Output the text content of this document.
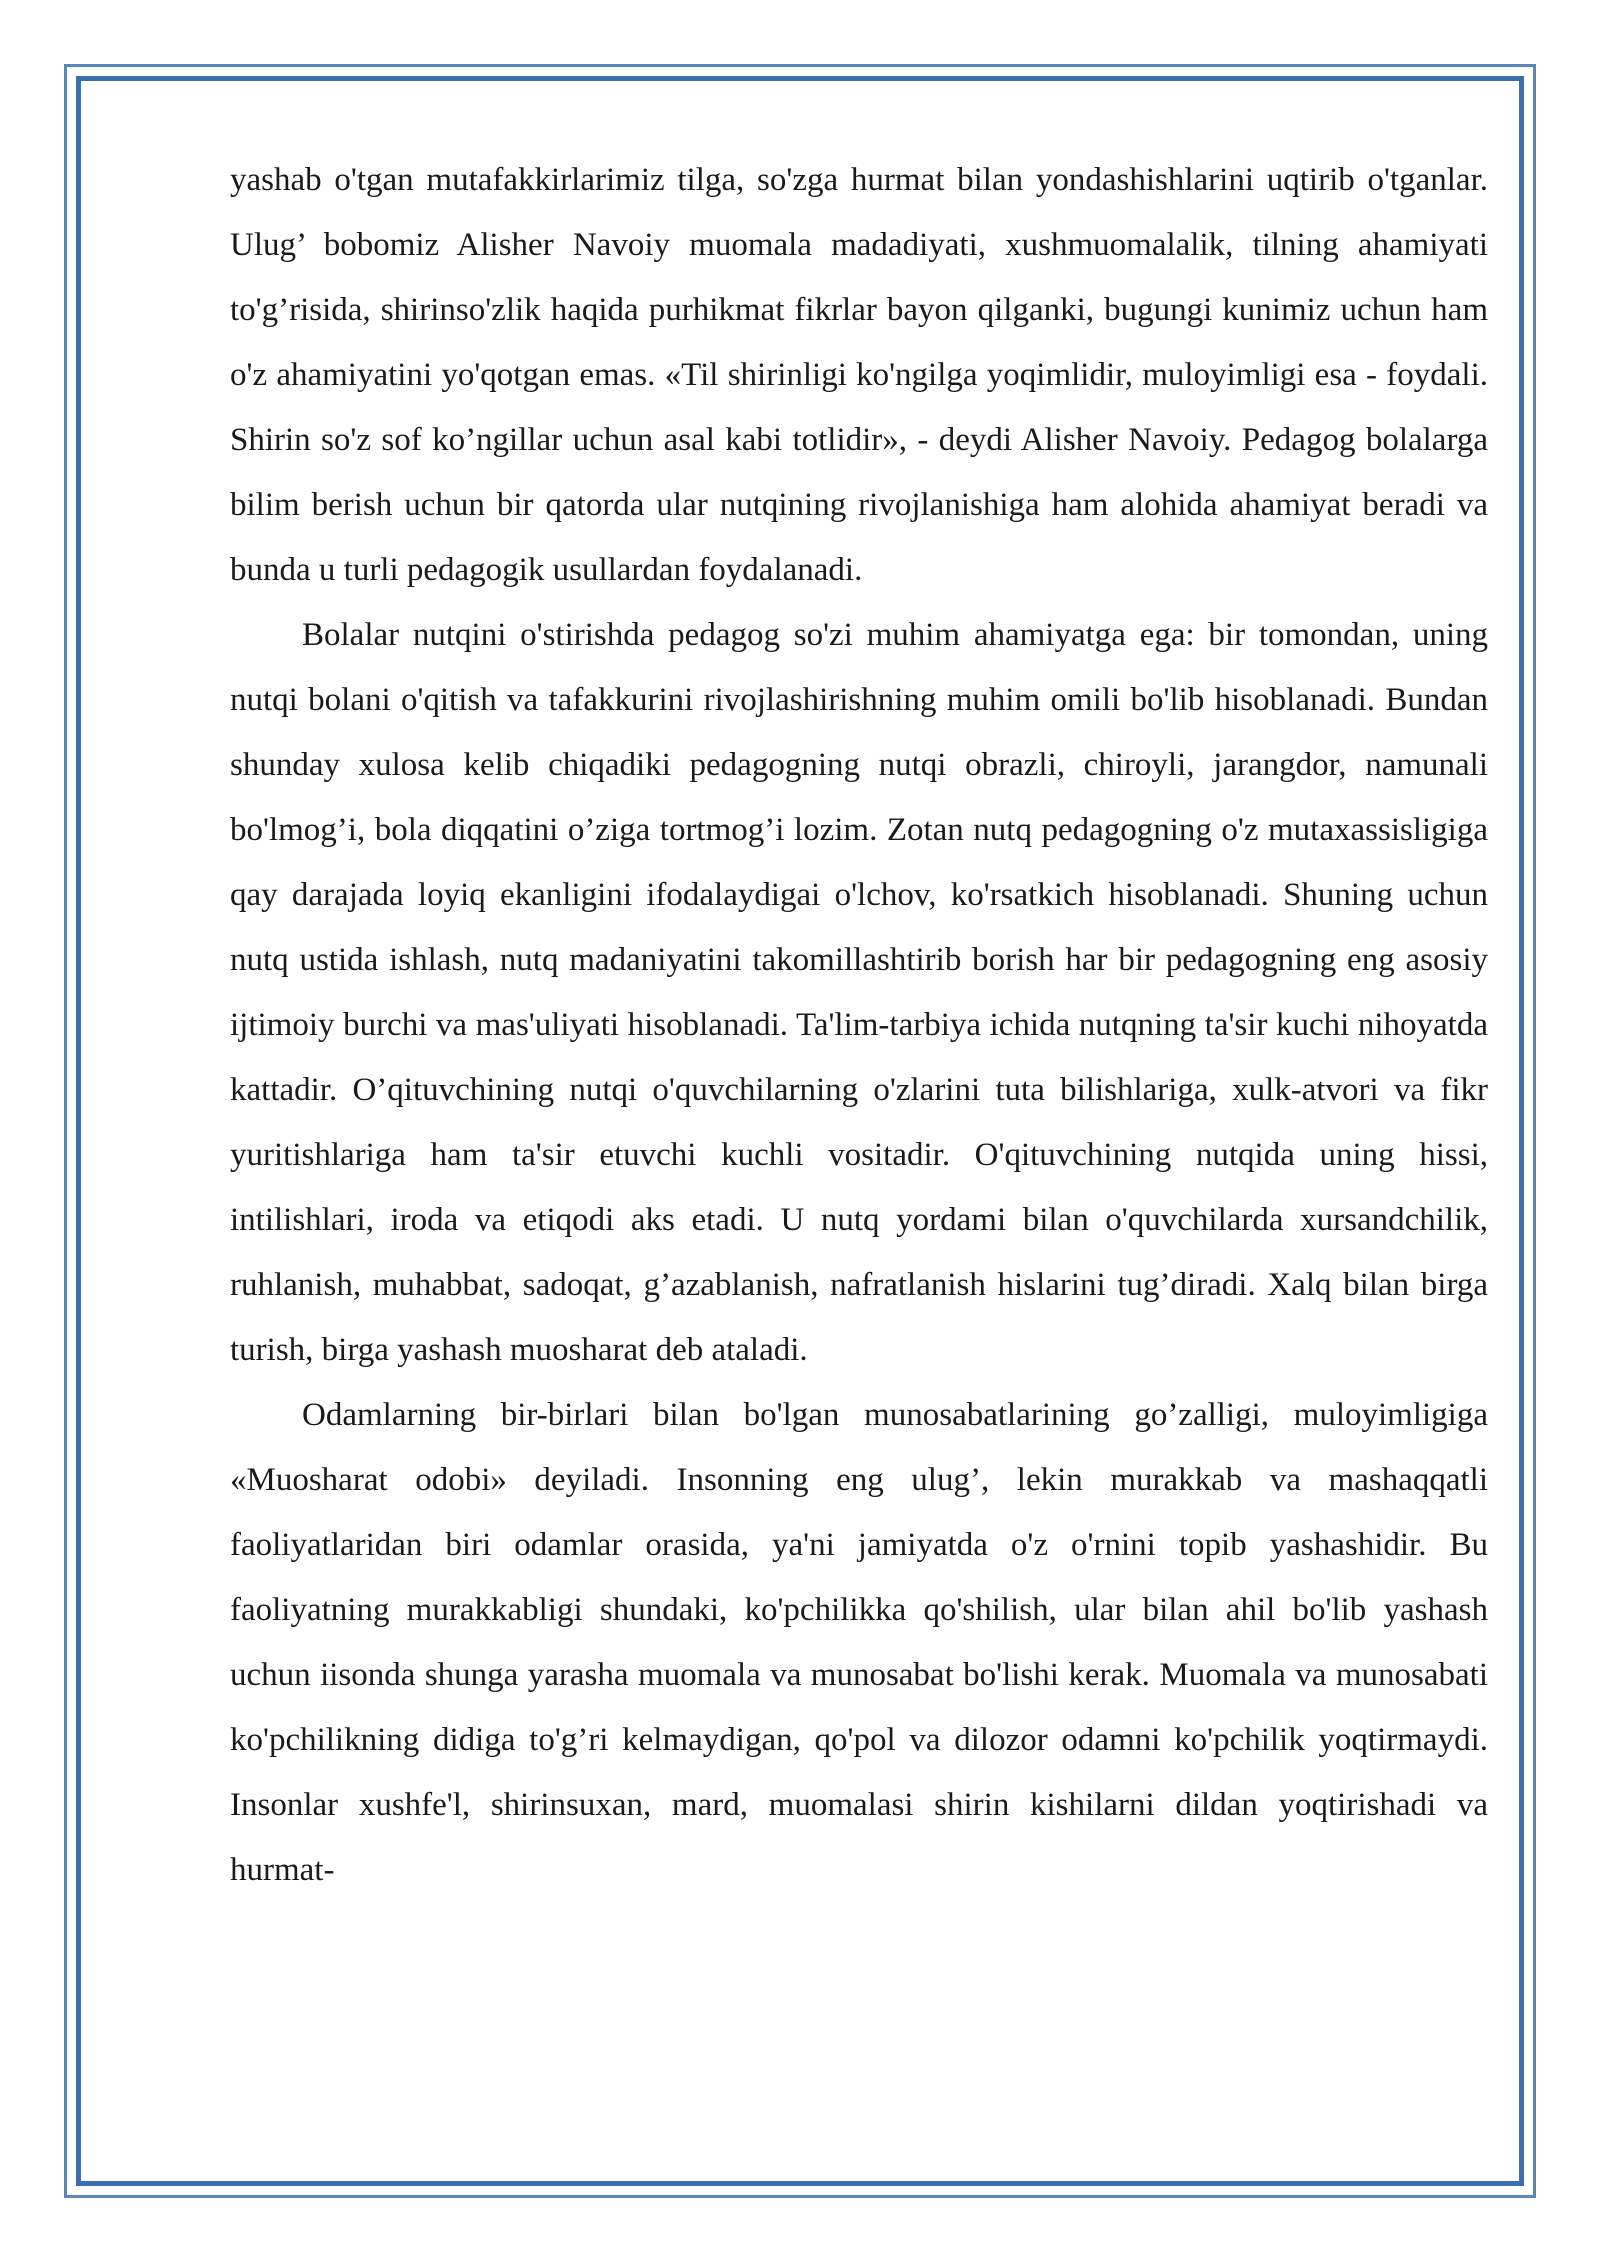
yashab o'tgan mutafakkirlarimiz tilga, so'zga hurmat bilan yondashishlarini uqtirib o'tganlar. Ulug’ bobomiz Alisher Navoiy muomala madadiyati, xushmuomalalik, tilning ahamiyati to'g’risida, shirinso'zlik haqida purhikmat fikrlar bayon qilganki, bugungi kunimiz uchun ham o'z ahamiyatini yo'qotgan emas. «Til shirinligi ko'ngilga yoqimlidir, muloyimligi esa - foydali. Shirin so'z sof ko’ngillar uchun asal kabi totlidir», - deydi Alisher Navoiy. Pedagog bolalarga bilim berish uchun bir qatorda ular nutqining rivojlanishiga ham alohida ahamiyat beradi va bunda u turli pedagogik usullardan foydalanadi.

Bolalar nutqini o'stirishda pedagog so'zi muhim ahamiyatga ega: bir tomondan, uning nutqi bolani o'qitish va tafakkurini rivojlashirishning muhim omili bo'lib hisoblanadi. Bundan shunday xulosa kelib chiqadiki pedagogning nutqi obrazli, chiroyli, jarangdor, namunali bo'lmog’i, bola diqqatini o’ziga tortmog’i lozim. Zotan nutq pedagogning o'z mutaxassisligiga qay darajada loyiq ekanligini ifodalaydigai o'lchov, ko'rsatkich hisoblanadi. Shuning uchun nutq ustida ishlash, nutq madaniyatini takomillashtirib borish har bir pedagogning eng asosiy ijtimoiy burchi va mas'uliyati hisoblanadi. Ta'lim-tarbiya ichida nutqning ta'sir kuchi nihoyatda kattadir. O’qituvchining nutqi o'quvchilarning o'zlarini tuta bilishlariga, xulk-atvori va fikr yuritishlariga ham ta'sir etuvchi kuchli vositadir. O'qituvchining nutqida uning hissi, intilishlari, iroda va etiqodi aks etadi. U nutq yordami bilan o'quvchilarda xursandchilik, ruhlanish, muhabbat, sadoqat, g’azablanish, nafratlanish hislarini tug’diradi. Xalq bilan birga turish, birga yashash muosharat deb ataladi.

Odamlarning bir-birlari bilan bo'lgan munosabatlarining go’zalligi, muloyimligiga «Muosharat odobi» deyiladi. Insonning eng ulug’, lekin murakkab va mashaqqatli faoliyatlaridan biri odamlar orasida, ya'ni jamiyatda o'z o'rnini topib yashashidir. Bu faoliyatning murakkabligi shundaki, ko'pchilikka qo'shilish, ular bilan ahil bo'lib yashash uchun iisonda shunga yarasha muomala va munosabat bo'lishi kerak. Muomala va munosabati ko'pchilikning didiga to'g’ri kelmaydigan, qo'pol va dilozor odamni ko'pchilik yoqtirmaydi. Insonlar xushfe'l, shirinsuxan, mard, muomalasi shirin kishilarni dildan yoqtirishadi va hurmat-
